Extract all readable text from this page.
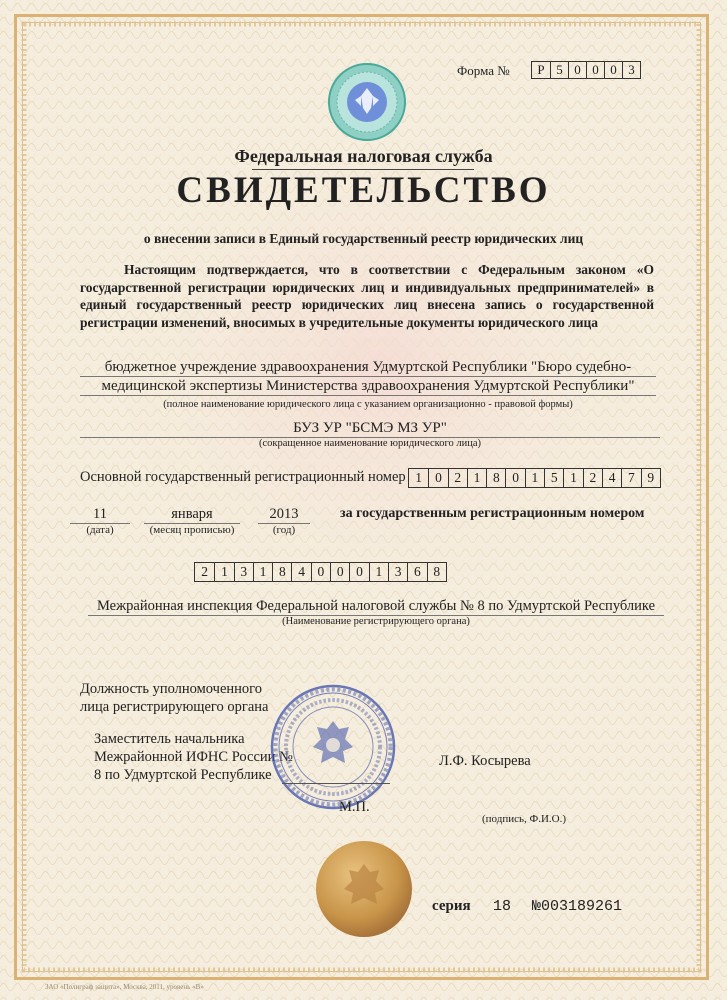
Форма №	Р 5 0 0 0 3
Федеральная налоговая служба
СВИДЕТЕЛЬСТВО
о внесении записи в Единый государственный реестр юридических лиц
Настоящим подтверждается, что в соответствии с Федеральным законом «О государственной регистрации юридических лиц и индивидуальных предпринимателей» в единый государственный реестр юридических лиц внесена запись о государственной регистрации изменений, вносимых в учредительные документы юридического лица
бюджетное учреждение здравоохранения Удмуртской Республики "Бюро судебно-
медицинской экспертизы Министерства здравоохранения Удмуртской Республики"
(полное наименование юридического лица с указанием организационно - правовой формы)
БУЗ УР "БСМЭ МЗ УР"
(сокращенное наименование юридического лица)
Основной государственный регистрационный номер 1 0 2 1 8 0 1 5 1 2 4 7 9
11
(дата)
января
(месяц прописью)
2013
(год)
за государственным регистрационным номером
2 1 3 1 8 4 0 0 0 1 3 6 8
Межрайонная инспекция Федеральной налоговой службы № 8 по Удмуртской Республике
(Наименование регистрирующего органа)
Должность уполномоченного
лица регистрирующего органа
Заместитель начальника
Межрайонной ИФНС России №
8 по Удмуртской Республике
М.П.
Л.Ф. Косырева
(подпись, Ф.И.О.)
серия 18 №003189261
ЗАО «Полиграф защита», Москва, 2011, уровень «В»
